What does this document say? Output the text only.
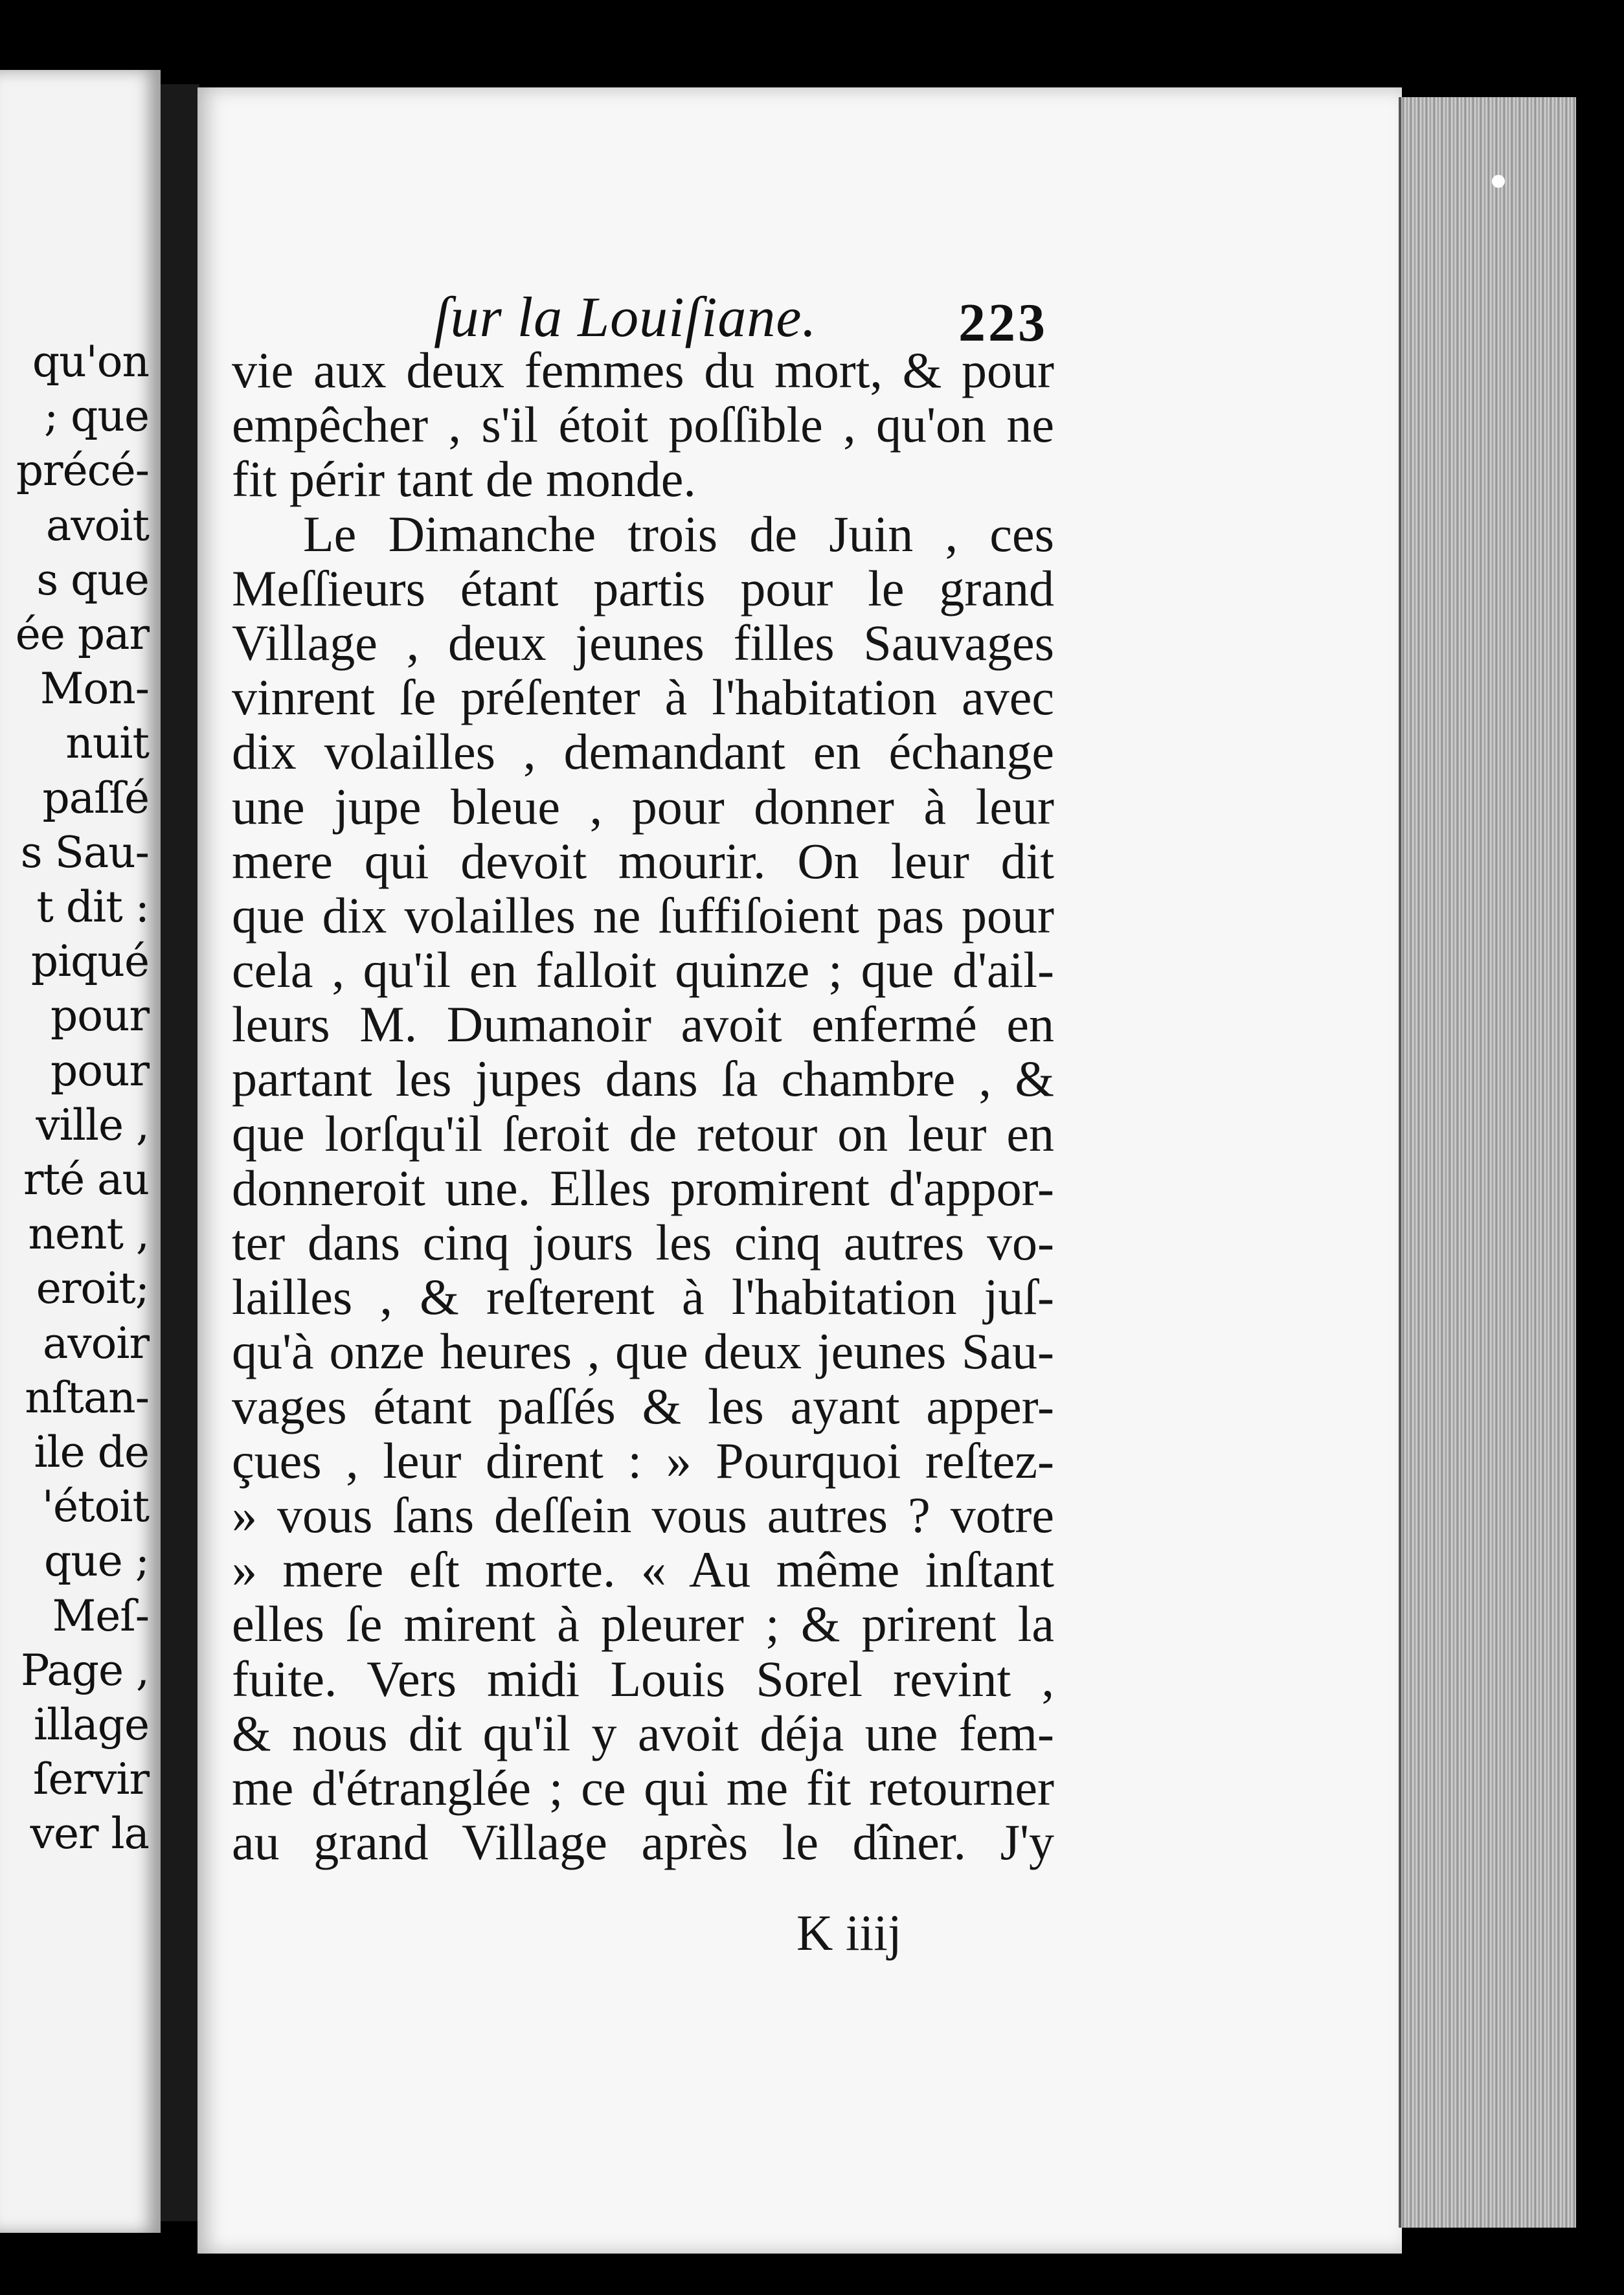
qu'on
; que
précé-
avoit
s que
ée par
Mon-
nuit
paſſé
s Sau-
t dit :
piqué
pour
pour
ville ,
rté au
nent ,
eroit;
avoir
nſtan-
ile de
'étoit
que ;
Meſ-
Page ,
illage
ſervir
ver la
ſur la Louiſiane.	223
vie aux deux femmes du mort, & pour
empêcher , s'il étoit poſſible , qu'on ne
fit périr tant de monde.
Le Dimanche trois de Juin , ces
Meſſieurs étant partis pour le grand
Village , deux jeunes filles Sauvages
vinrent ſe préſenter à l'habitation avec
dix volailles , demandant en échange
une jupe bleue , pour donner à leur
mere qui devoit mourir. On leur dit
que dix volailles ne ſuffiſoient pas pour
cela , qu'il en falloit quinze ; que d'ail-
leurs M. Dumanoir avoit enfermé en
partant les jupes dans ſa chambre , &
que lorſqu'il ſeroit de retour on leur en
donneroit une. Elles promirent d'appor-
ter dans cinq jours les cinq autres vo-
lailles , & reſterent à l'habitation juſ-
qu'à onze heures , que deux jeunes Sau-
vages étant paſſés & les ayant apper-
çues , leur dirent : » Pourquoi reſtez-
» vous ſans deſſein vous autres ? votre
» mere eſt morte. « Au même inſtant
elles ſe mirent à pleurer ; & prirent la
fuite. Vers midi Louis Sorel revint ,
& nous dit qu'il y avoit déja une fem-
me d'étranglée ; ce qui me fit retourner
au grand Village après le dîner. J'y
K iiij
